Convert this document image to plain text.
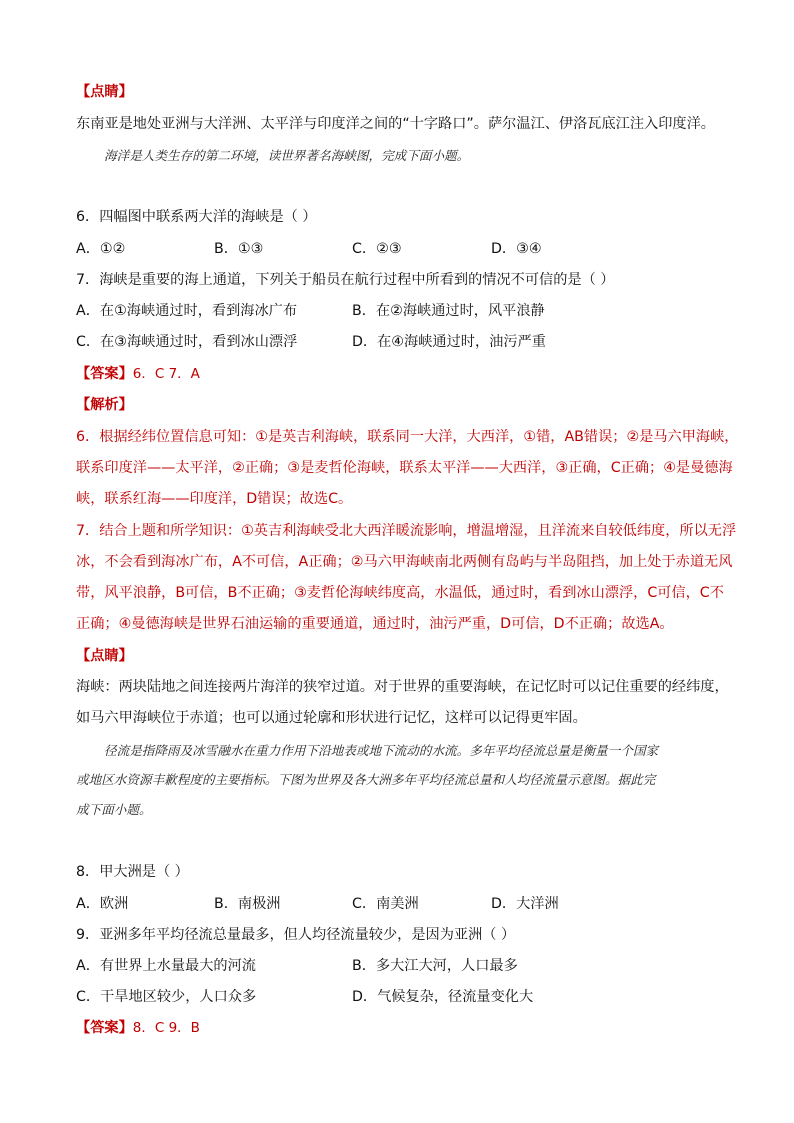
【点睛】
东南亚是地处亚洲与大洋洲、太平洋与印度洋之间的“十字路口”。萨尔温江、伊洛瓦底江注入印度洋。
海洋是人类生存的第二环境，读世界著名海峡图，完成下面小题。
6．四幅图中联系两大洋的海峡是（ ）
A．①②	B．①③	C．②③	D．③④
7．海峡是重要的海上通道，下列关于船员在航行过程中所看到的情况不可信的是（ ）
A．在①海峡通过时，看到海冰广布	B．在②海峡通过时，风平浪静
C．在③海峡通过时，看到冰山漂浮	D．在④海峡通过时，油污严重
【答案】6．C 7．A
【解析】
6．根据经纬位置信息可知：①是英吉利海峡，联系同一大洋，大西洋，①错，AB错误；②是马六甲海峡，
联系印度洋——太平洋，②正确；③是麦哲伦海峡，联系太平洋——大西洋，③正确，C正确；④是曼德海
峡，联系红海——印度洋，D错误；故选C。
7．结合上题和所学知识：①英吉利海峡受北大西洋暖流影响，增温增湿，且洋流来自较低纬度，所以无浮
冰，不会看到海冰广布，A不可信，A正确；②马六甲海峡南北两侧有岛屿与半岛阻挡，加上处于赤道无风
带，风平浪静，B可信，B不正确；③麦哲伦海峡纬度高，水温低，通过时，看到冰山漂浮，C可信，C不
正确；④曼德海峡是世界石油运输的重要通道，通过时，油污严重，D可信，D不正确；故选A。
【点睛】
海峡：两块陆地之间连接两片海洋的狭窄过道。对于世界的重要海峡，在记忆时可以记住重要的经纬度，
如马六甲海峡位于赤道；也可以通过轮廓和形状进行记忆，这样可以记得更牢固。
径流是指降雨及冰雪融水在重力作用下沿地表或地下流动的水流。多年平均径流总量是衡量一个国家
或地区水资源丰歉程度的主要指标。下图为世界及各大洲多年平均径流总量和人均径流量示意图。据此完
成下面小题。
8．甲大洲是（ ）
A．欧洲	B．南极洲	C．南美洲	D．大洋洲
9．亚洲多年平均径流总量最多，但人均径流量较少，是因为亚洲（ ）
A．有世界上水量最大的河流	B．多大江大河，人口最多
C．干旱地区较少，人口众多	D．气候复杂，径流量变化大
【答案】8．C 9．B
